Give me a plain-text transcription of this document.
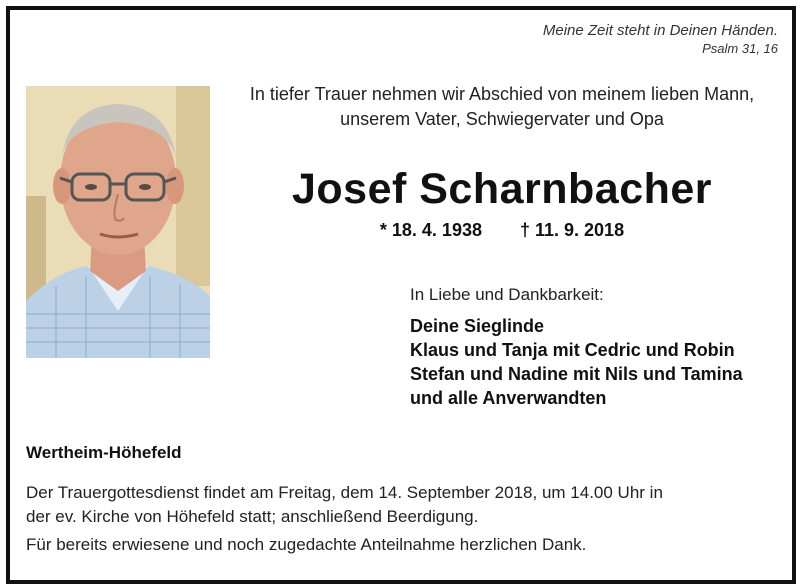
Meine Zeit steht in Deinen Händen.
Psalm 31, 16
In tiefer Trauer nehmen wir Abschied von meinem lieben Mann,
unserem Vater, Schwiegervater und Opa
Josef Scharnbacher
* 18. 4. 1938 † 11. 9. 2018
In Liebe und Dankbarkeit:
Deine Sieglinde
Klaus und Tanja mit Cedric und Robin
Stefan und Nadine mit Nils und Tamina
und alle Anverwandten
Wertheim-Höhefeld
Der Trauergottesdienst findet am Freitag, dem 14. September 2018, um 14.00 Uhr in
der ev. Kirche von Höhefeld statt; anschließend Beerdigung.
Für bereits erwiesene und noch zugedachte Anteilnahme herzlichen Dank.
